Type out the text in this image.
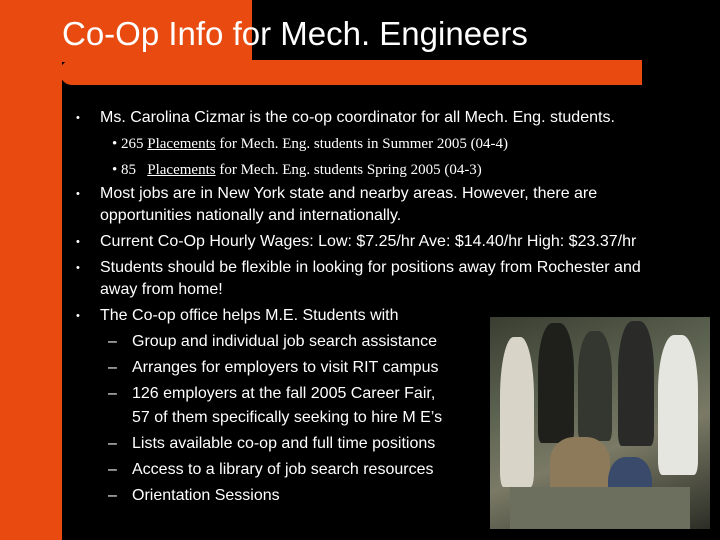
Co-Op Info for Mech. Engineers
• Ms. Carolina Cizmar is the co-op coordinator for all Mech. Eng. students.
• 265 Placements for Mech. Eng. students in Summer 2005 (04-4)
• 85   Placements for Mech. Eng. students Spring 2005 (04-3)
• Most jobs are in New York state and nearby areas. However, there are
opportunities nationally and internationally.
• Current Co-Op Hourly Wages: Low: $7.25/hr Ave: $14.40/hr High: $23.37/hr
• Students should be flexible in looking for positions away from Rochester and
away from home!
• The Co-op office helps M.E. Students with
– Group and individual job search assistance
– Arranges for employers to visit RIT campus
– 126 employers at the fall 2005 Career Fair,
57 of them specifically seeking to hire M E’s
– Lists available co-op and full time positions
– Access to a library of job search resources
– Orientation Sessions
